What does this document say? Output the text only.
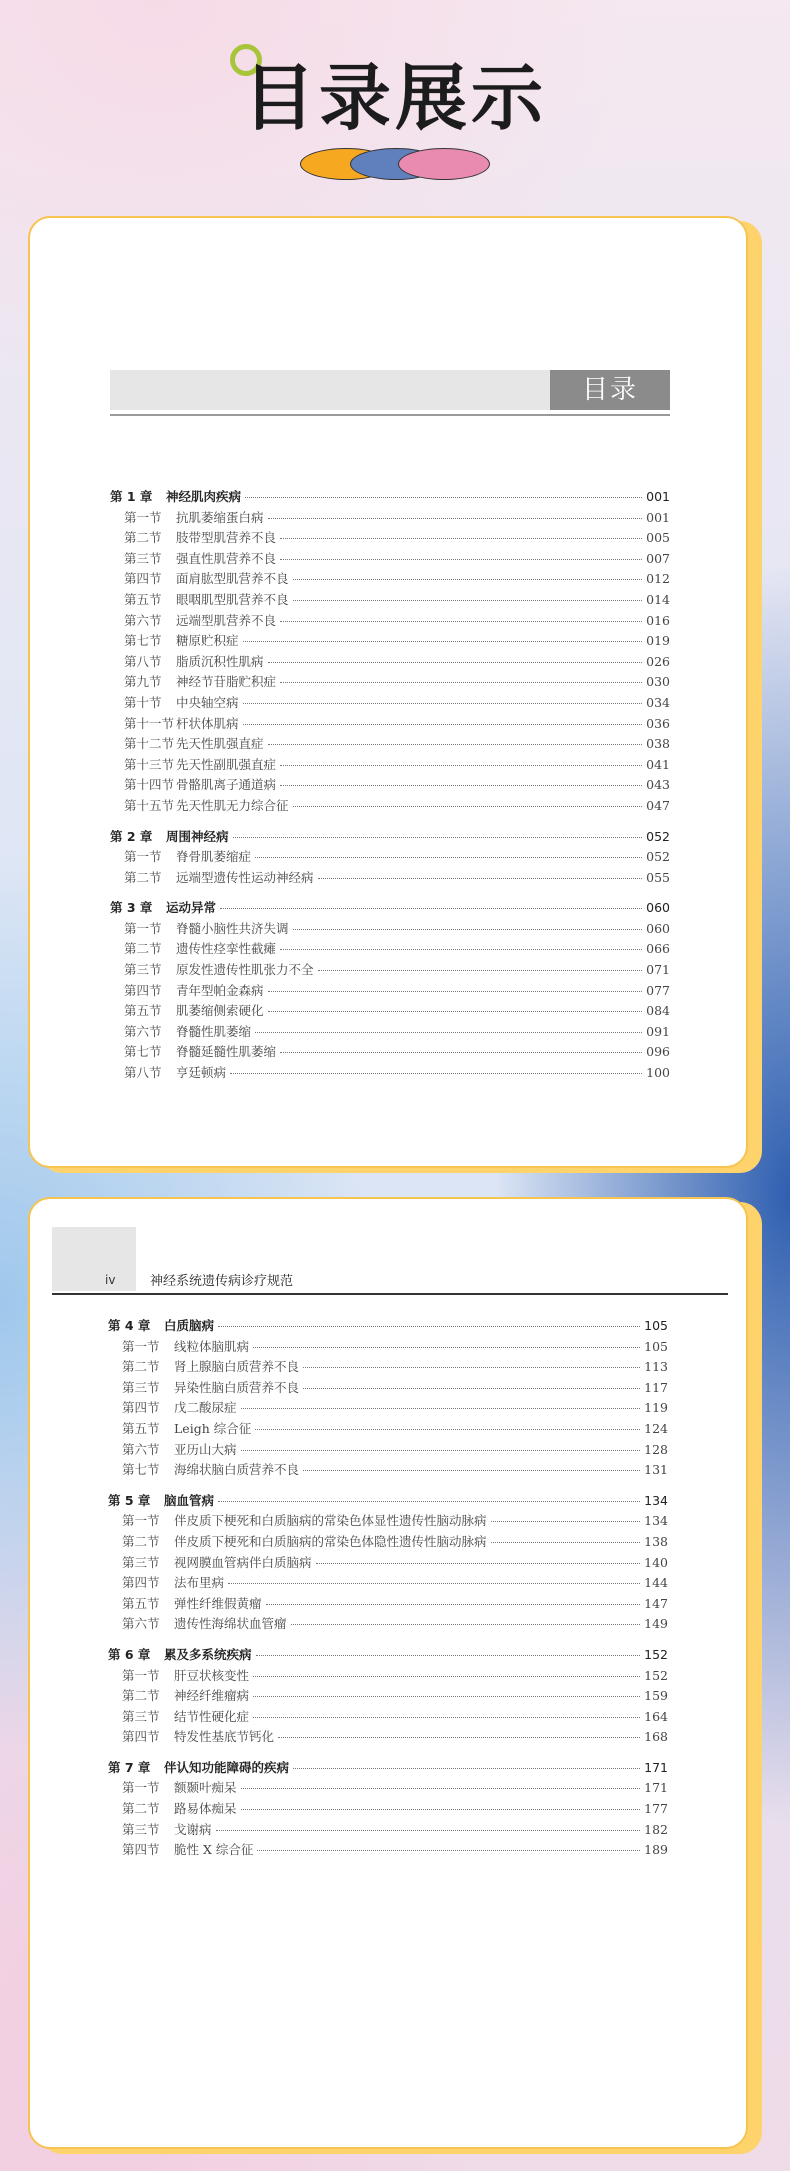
目录展示
目录
第 1 章 神经肌肉疾病	001
第一节 抗肌萎缩蛋白病	001
第二节 肢带型肌营养不良	005
第三节 强直性肌营养不良	007
第四节 面肩肱型肌营养不良	012
第五节 眼咽肌型肌营养不良	014
第六节 远端型肌营养不良	016
第七节 糖原贮积症	019
第八节 脂质沉积性肌病	026
第九节 神经节苷脂贮积症	030
第十节 中央轴空病	034
第十一节 杆状体肌病	036
第十二节 先天性肌强直症	038
第十三节 先天性副肌强直症	041
第十四节 骨骼肌离子通道病	043
第十五节 先天性肌无力综合征	047
第 2 章 周围神经病	052
第一节 脊骨肌萎缩症	052
第二节 远端型遗传性运动神经病	055
第 3 章 运动异常	060
第一节 脊髓小脑性共济失调	060
第二节 遗传性痉挛性截瘫	066
第三节 原发性遗传性肌张力不全	071
第四节 青年型帕金森病	077
第五节 肌萎缩侧索硬化	084
第六节 脊髓性肌萎缩	091
第七节 脊髓延髓性肌萎缩	096
第八节 亨廷顿病	100
iv	神经系统遗传病诊疗规范
第 4 章 白质脑病	105
第一节 线粒体脑肌病	105
第二节 肾上腺脑白质营养不良	113
第三节 异染性脑白质营养不良	117
第四节 戊二酸尿症	119
第五节 Leigh 综合征	124
第六节 亚历山大病	128
第七节 海绵状脑白质营养不良	131
第 5 章 脑血管病	134
第一节 伴皮质下梗死和白质脑病的常染色体显性遗传性脑动脉病	134
第二节 伴皮质下梗死和白质脑病的常染色体隐性遗传性脑动脉病	138
第三节 视网膜血管病伴白质脑病	140
第四节 法布里病	144
第五节 弹性纤维假黄瘤	147
第六节 遗传性海绵状血管瘤	149
第 6 章 累及多系统疾病	152
第一节 肝豆状核变性	152
第二节 神经纤维瘤病	159
第三节 结节性硬化症	164
第四节 特发性基底节钙化	168
第 7 章 伴认知功能障碍的疾病	171
第一节 额颞叶痴呆	171
第二节 路易体痴呆	177
第三节 戈谢病	182
第四节 脆性 X 综合征	189
